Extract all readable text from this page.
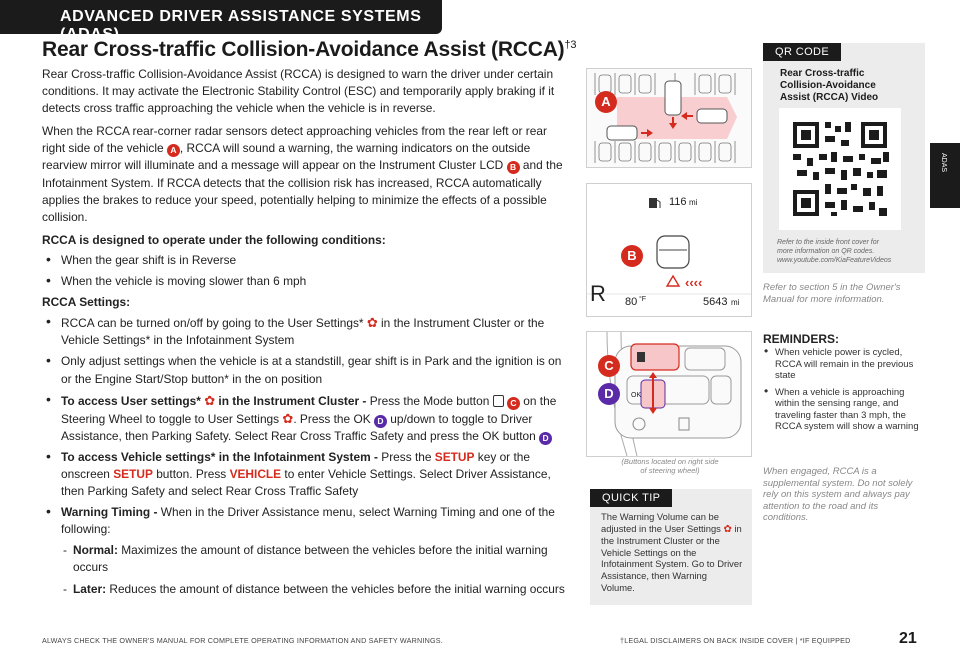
ADVANCED DRIVER ASSISTANCE SYSTEMS (ADAS)
ADAS
Rear Cross-traffic Collision-Avoidance Assist (RCCA)$^{\dagger 3}$

Rear Cross-traffic Collision-Avoidance Assist (RCCA) is designed to warn the driver under certain conditions. It may activate the Electronic Stability Control (ESC) and temporarily apply braking if it detects cross traffic approaching the vehicle when the vehicle is in reverse.

When the RCCA rear-corner radar sensors detect approaching vehicles from the rear left or rear right side of the vehicle A , RCCA will sound a warning, the warning indicators on the outside rearview mirror will illuminate and a message will appear on the Instrument Cluster LCD B and the Infotainment System. If RCCA detects that the collision risk has increased, RCCA automatically applies the brakes to reduce your speed, potentially helping to minimize the effects of a possible collision.

RCCA is designed to operate under the following conditions:

• When the gear shift is in Reverse
• When the vehicle is moving slower than 6 mph

RCCA Settings:

• RCCA can be turned on/off by going to the User Settings* ✿ in the Instrument Cluster or the Vehicle Settings* in the Infotainment System
• Only adjust settings when the vehicle is at a standstill, gear shift is in Park and the ignition is on or the Engine Start/Stop button* in the on position
• To access User settings* ✿ in the Instrument Cluster - Press the Mode button  C on the Steering Wheel to toggle to User Settings ✿. Press the OK D up/down to toggle to Driver Assistance, then Parking Safety. Select Rear Cross Traffic Safety and press the OK button D
• To access Vehicle settings* in the Infotainment System - Press the SETUP key or the onscreen SETUP button. Press VEHICLE to enter Vehicle Settings. Select Driver Assistance, then Parking Safety and select Rear Cross Traffic Safety
• Warning Timing - When in the Driver Assistance menu, select Warning Timing and one of the following:
- Normal: Maximizes the amount of distance between the vehicles before the initial warning occurs
- Later: Reduces the amount of distance between the vehicles before the initial warning occurs
A
‹‹‹‹
116 mi
R 80 °F	5643 mi
B
OK
C
D
(Buttons located on right side
of steering wheel)
QR CODE
Rear Cross-traffic Collision-Avoidance Assist (RCCA) Video
Refer to the inside front cover for
more information on QR codes.
www.youtube.com/KiaFeatureVideos
Refer to section 5 in the Owner's
Manual for more information.
REMINDERS:
• When vehicle power is cycled, RCCA will remain in the previous state
• When a vehicle is approaching within the sensing range, and traveling faster than 3 mph, the RCCA system will show a warning
When engaged, RCCA is a supplemental system. Do not solely rely on this system and always pay attention to the road and its conditions.
QUICK TIP
The Warning Volume can be adjusted in the User Settings ✿ in the Instrument Cluster or the Vehicle Settings on the Infotainment System. Go to Driver Assistance, then Warning Volume.
ALWAYS CHECK THE OWNER'S MANUAL FOR COMPLETE OPERATING INFORMATION AND SAFETY WARNINGS.	†LEGAL DISCLAIMERS ON BACK INSIDE COVER | *IF EQUIPPED	21
